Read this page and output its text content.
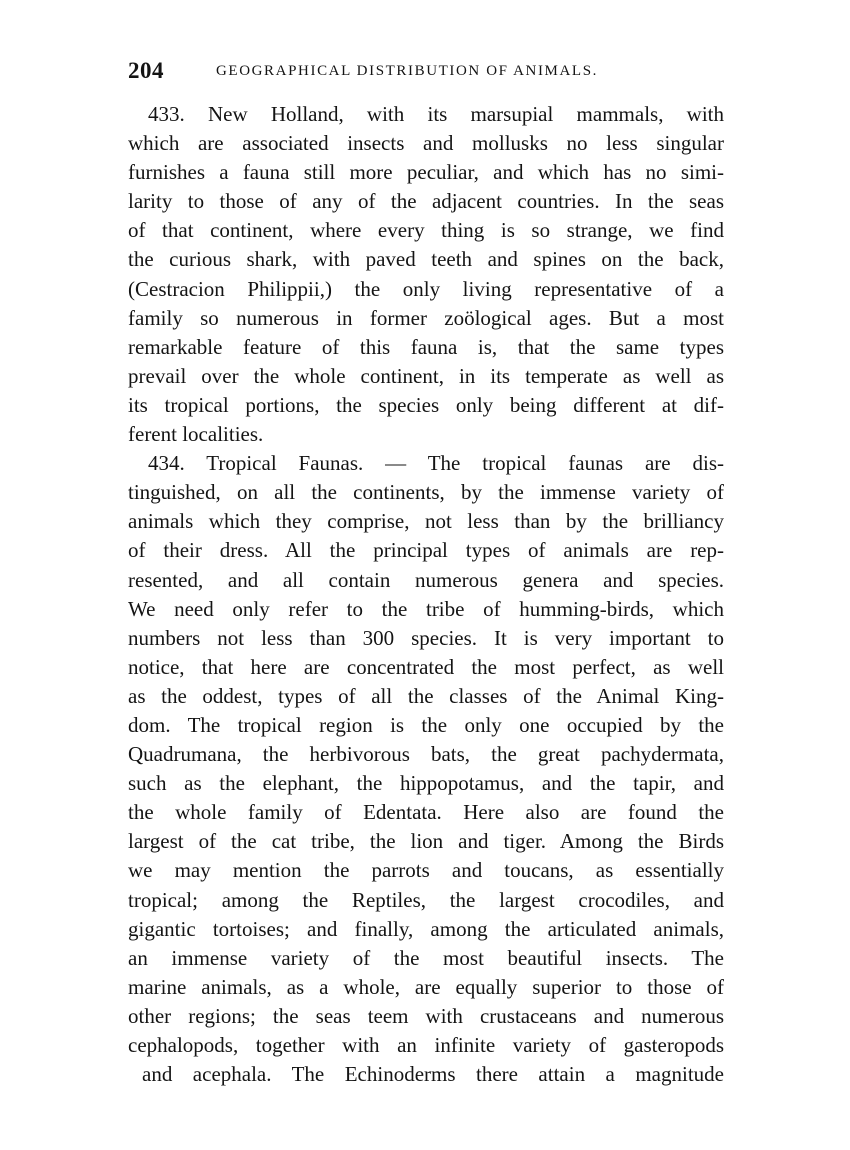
204	GEOGRAPHICAL DISTRIBUTION OF ANIMALS.
433. New Holland, with its marsupial mammals, with
which are associated insects and mollusks no less singular
furnishes a fauna still more peculiar, and which has no simi-
larity to those of any of the adjacent countries. In the seas
of that continent, where every thing is so strange, we find
the curious shark, with paved teeth and spines on the back,
(Cestracion Philippii,) the only living representative of a
family so numerous in former zoölogical ages. But a most
remarkable feature of this fauna is, that the same types
prevail over the whole continent, in its temperate as well as
its tropical portions, the species only being different at dif-
ferent localities.
434. Tropical Faunas. — The tropical faunas are dis-
tinguished, on all the continents, by the immense variety of
animals which they comprise, not less than by the brilliancy
of their dress. All the principal types of animals are rep-
resented, and all contain numerous genera and species.
We need only refer to the tribe of humming-birds, which
numbers not less than 300 species. It is very important to
notice, that here are concentrated the most perfect, as well
as the oddest, types of all the classes of the Animal King-
dom. The tropical region is the only one occupied by the
Quadrumana, the herbivorous bats, the great pachydermata,
such as the elephant, the hippopotamus, and the tapir, and
the whole family of Edentata. Here also are found the
largest of the cat tribe, the lion and tiger. Among the Birds
we may mention the parrots and toucans, as essentially
tropical; among the Reptiles, the largest crocodiles, and
gigantic tortoises; and finally, among the articulated animals,
an immense variety of the most beautiful insects. The
marine animals, as a whole, are equally superior to those of
other regions; the seas teem with crustaceans and numerous
cephalopods, together with an infinite variety of gasteropods
and acephala. The Echinoderms there attain a magnitude
